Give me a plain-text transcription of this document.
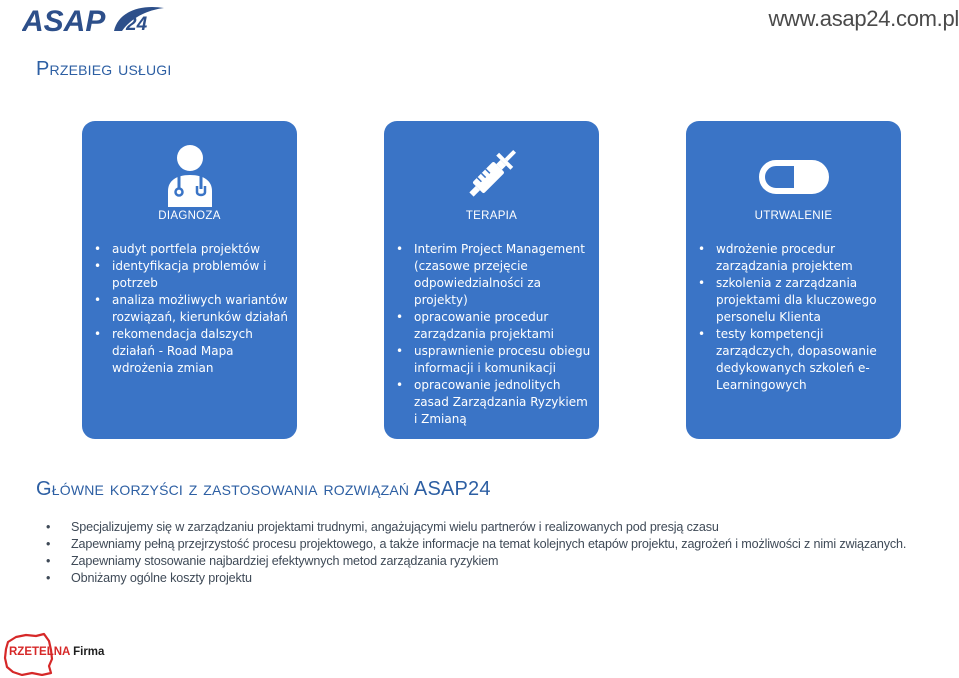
ASAP 24	www.asap24.com.pl
Przebieg usługi
DIAGNOZA
• audyt portfela projektów
• identyfikacja problemów i potrzeb
• analiza możliwych wariantów rozwiązań, kierunków działań
• rekomendacja dalszych działań - Road Mapa wdrożenia zmian
TERAPIA
• Interim Project Management (czasowe przejęcie odpowiedzialności za projekty)
• opracowanie procedur zarządzania projektami
• usprawnienie procesu obiegu informacji i komunikacji
• opracowanie jednolitych zasad Zarządzania Ryzykiem i Zmianą
UTRWALENIE
• wdrożenie procedur zarządzania projektem
• szkolenia z zarządzania projektami dla kluczowego personelu Klienta
• testy kompetencji zarządczych, dopasowanie dedykowanych szkoleń e-Learningowych
Główne korzyści z zastosowania rozwiązań ASAP24
• Specjalizujemy się w zarządzaniu projektami trudnymi, angażującymi wielu partnerów i realizowanych pod presją czasu
• Zapewniamy pełną przejrzystość procesu projektowego, a także informacje na temat kolejnych etapów projektu, zagrożeń i możliwości z nimi związanych.
• Zapewniamy stosowanie najbardziej efektywnych metod zarządzania ryzykiem
• Obniżamy ogólne koszty projektu
RZETELNA Firma
